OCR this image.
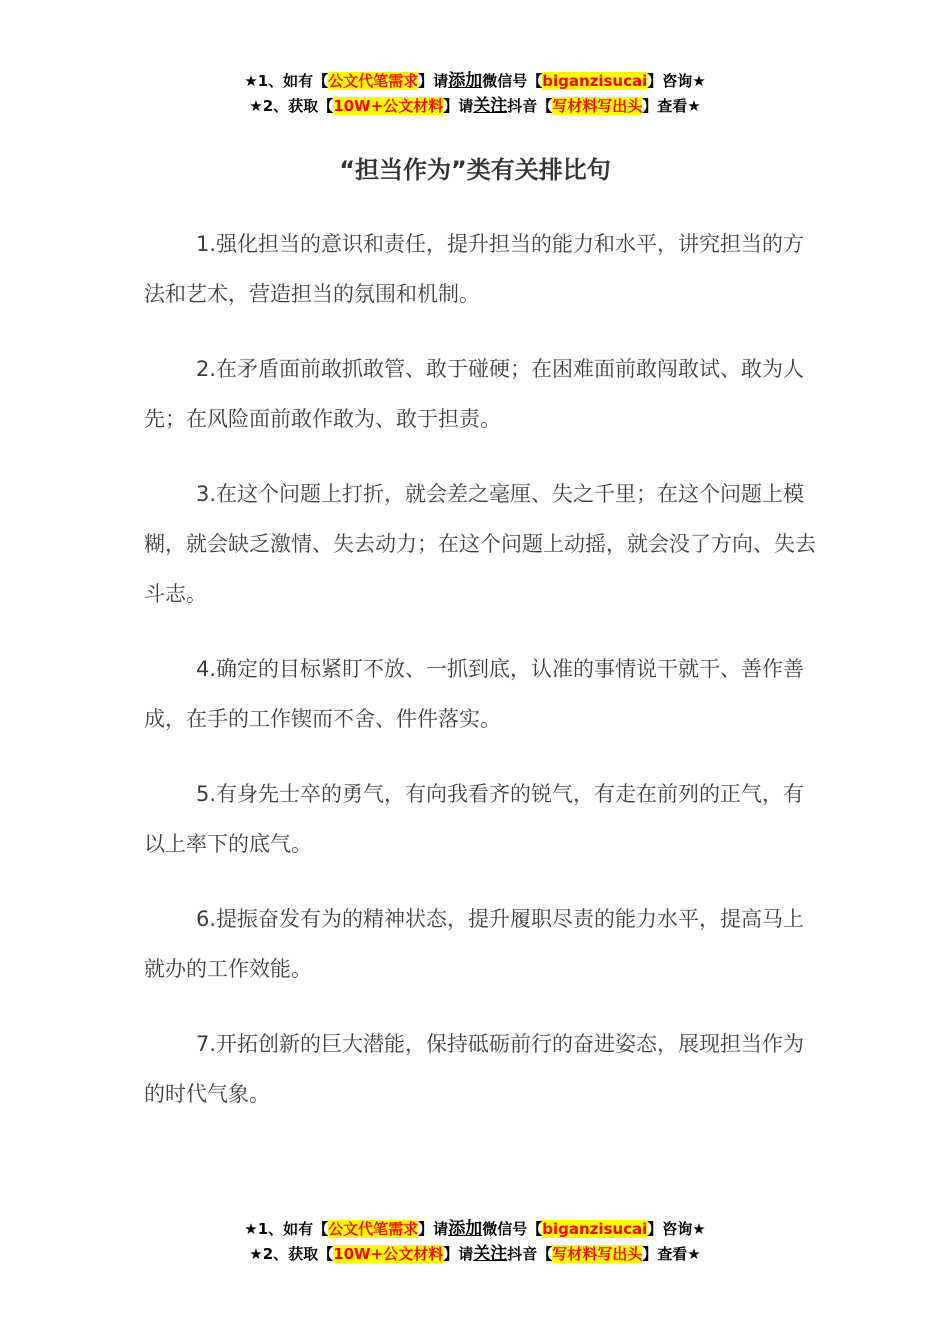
★1、如有【公文代笔需求】请添加微信号【biganzisucai】咨询★
★2、获取【10W+公文材料】请关注抖音【写材料写出头】查看★
“担当作为”类有关排比句

1.强化担当的意识和责任，提升担当的能力和水平，讲究担当的方法和艺术，营造担当的氛围和机制。

2.在矛盾面前敢抓敢管、敢于碰硬；在困难面前敢闯敢试、敢为人先；在风险面前敢作敢为、敢于担责。

3.在这个问题上打折，就会差之毫厘、失之千里；在这个问题上模糊，就会缺乏激情、失去动力；在这个问题上动摇，就会没了方向、失去斗志。

4.确定的目标紧盯不放、一抓到底，认准的事情说干就干、善作善成，在手的工作锲而不舍、件件落实。

5.有身先士卒的勇气，有向我看齐的锐气，有走在前列的正气，有以上率下的底气。

6.提振奋发有为的精神状态，提升履职尽责的能力水平，提高马上就办的工作效能。

7.开拓创新的巨大潜能，保持砥砺前行的奋进姿态，展现担当作为的时代气象。

★1、如有【公文代笔需求】请添加微信号【biganzisucai】咨询★
★2、获取【10W+公文材料】请关注抖音【写材料写出头】查看★
